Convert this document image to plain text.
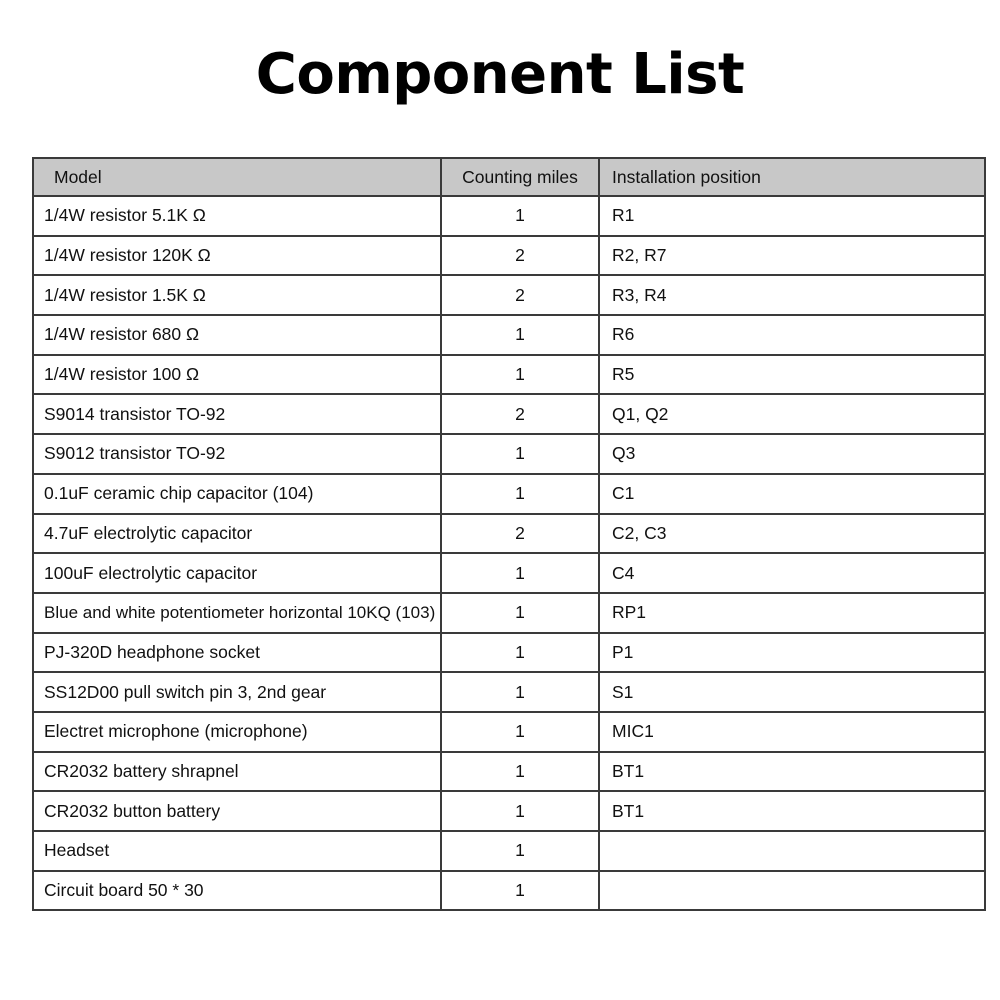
Component List
Model	Counting miles	Installation position
1/4W resistor 5.1K Ω	1	R1
1/4W resistor 120K Ω	2	R2, R7
1/4W resistor 1.5K Ω	2	R3, R4
1/4W resistor 680 Ω	1	R6
1/4W resistor 100 Ω	1	R5
S9014 transistor TO-92	2	Q1, Q2
S9012 transistor TO-92	1	Q3
0.1uF ceramic chip capacitor (104)	1	C1
4.7uF electrolytic capacitor	2	C2, C3
100uF electrolytic capacitor	1	C4
Blue and white potentiometer horizontal 10KQ (103)	1	RP1
PJ-320D headphone socket	1	P1
SS12D00 pull switch pin 3, 2nd gear	1	S1
Electret microphone (microphone)	1	MIC1
CR2032 battery shrapnel	1	BT1
CR2032 button battery	1	BT1
Headset	1	
Circuit board 50 * 30	1	
